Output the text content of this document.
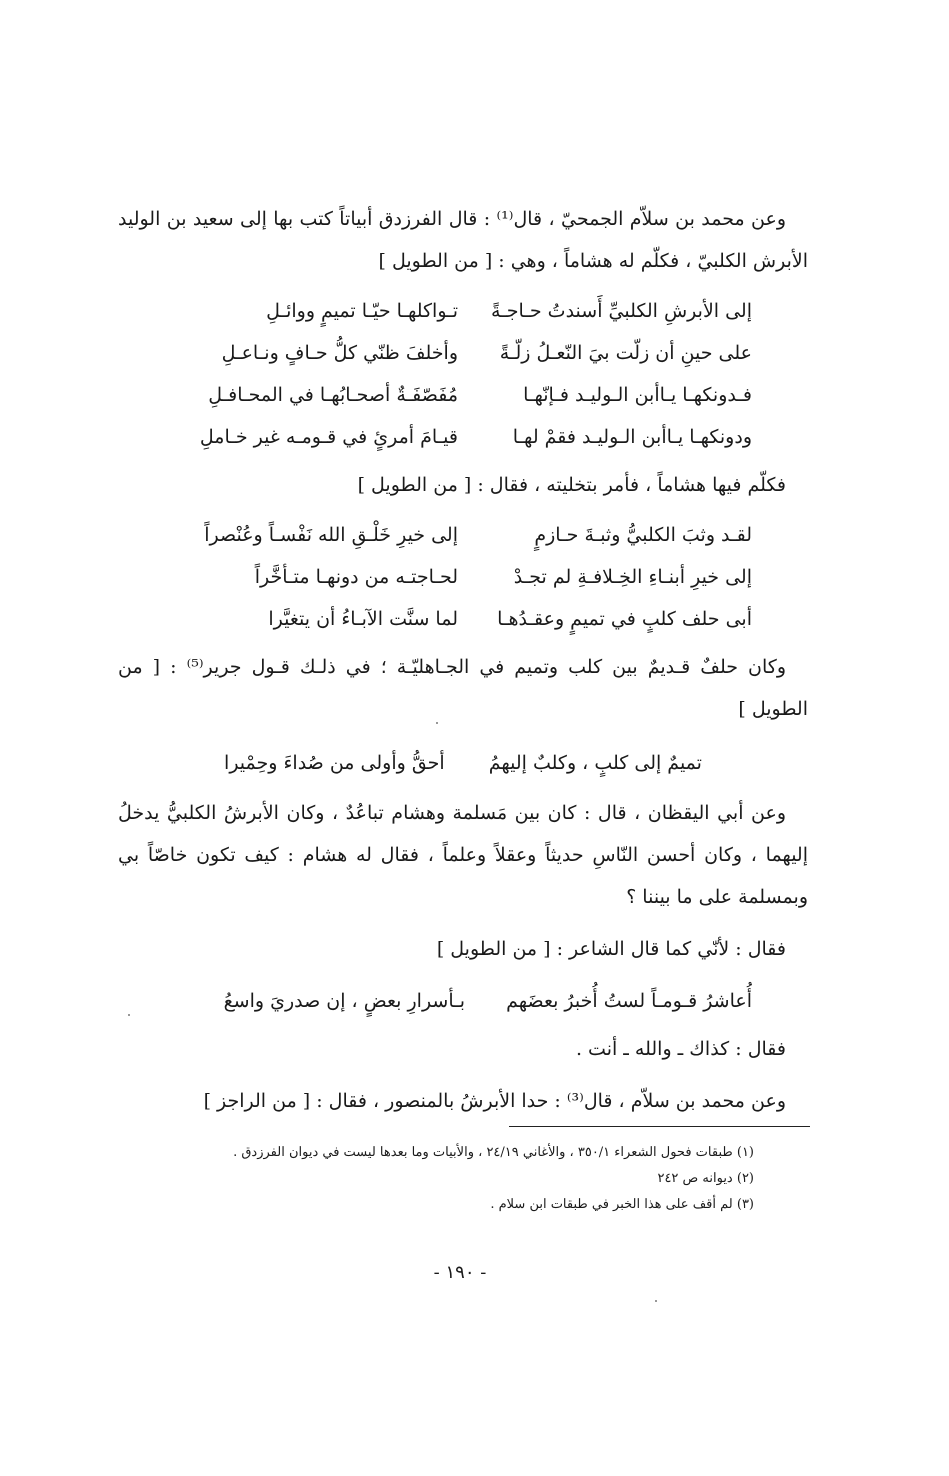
وعن محمد بن سلاّم الجمحيّ ، قال⁽¹⁾ : قال الفرزدق أبياتاً كتب بها إلى سعيد بن الوليد الأبرش الكلبيّ ، فكلّم له هشاماً ، وهي : [ من الطويل ]

إلى الأبرشِ الكلبيِّ أَسندتُ حـاجـةً
تـواكلهـا حيّـا تميمٍ ووائـلِ
على حينِ أن زلّت بيَ النّعـلُ زلّـةً
وأخلفَ ظنّي كلُّ حـافٍ ونـاعـلِ
فـدونكهـا يـاأبن الـوليـد فـإنّهـا
مُفَصّفَـةٌ أصحـابُهـا في المحـافـلِ
ودونكهـا يـاأبن الـوليـد فقمْ لهـا
قيـامَ أمرئٍ في قـومـه غير خـاملِ

فكلّم فيها هشاماً ، فأمر بتخليته ، فقال : [ من الطويل ]

لقـد وثبَ الكلبيُّ وثبـةَ حـازمٍ
إلى خيرِ خَلْـقِ الله نَفْسـاً وعُنْصراً
إلى خيرِ أبنـاءِ الخِـلافـةِ لم تجـدْ
لحـاجتـه من دونهـا متـأخَّراً
أبى حلف كلبٍ في تميمٍ وعقـدُهـا
لما سنَّت الآبـاءُ أن يتغيَّرا

وكان حلفٌ قـديمٌ بين كلب وتميم في الجـاهليّـة ؛ في ذلـك قـول جرير⁽⁵⁾ : [ من الطويل ]

تميمٌ إلى كلبٍ ، وكلبٌ إليهمُ
أحقُّ وأولى من صُداءَ وحِمْيرا

وعن أبي اليقظان ، قال : كان بين مَسلمة وهشام تباعُدٌ ، وكان الأبرشُ الكلبيُّ يدخلُ إليهما ، وكان أحسن النّاسِ حديثاً وعقلاً وعلماً ، فقال له هشام : كيف تكون خاصّاً بي وبمسلمة على ما بيننا ؟

فقال : لأنّي كما قال الشاعر : [ من الطويل ]

أُعاشرُ قـومـاً لستُ أُخبرُ بعضَهم
بـأسرارِ بعضٍ ، إن صدريَ واسعُ

فقال : كذاك ـ والله ـ أنت .

وعن محمد بن سلاّم ، قال⁽³⁾ : حدا الأبرشُ بالمنصور ، فقال : [ من الراجز ]

(١) طبقات فحول الشعراء ٣٥٠/١ ، والأغاني ٢٤/١٩ ، والأبيات وما بعدها ليست في ديوان الفرزدق .

(٢) ديوانه ص ٢٤٢

(٣) لم أقف على هذا الخبر في طبقات ابن سلام .

- ١٩٠ -
